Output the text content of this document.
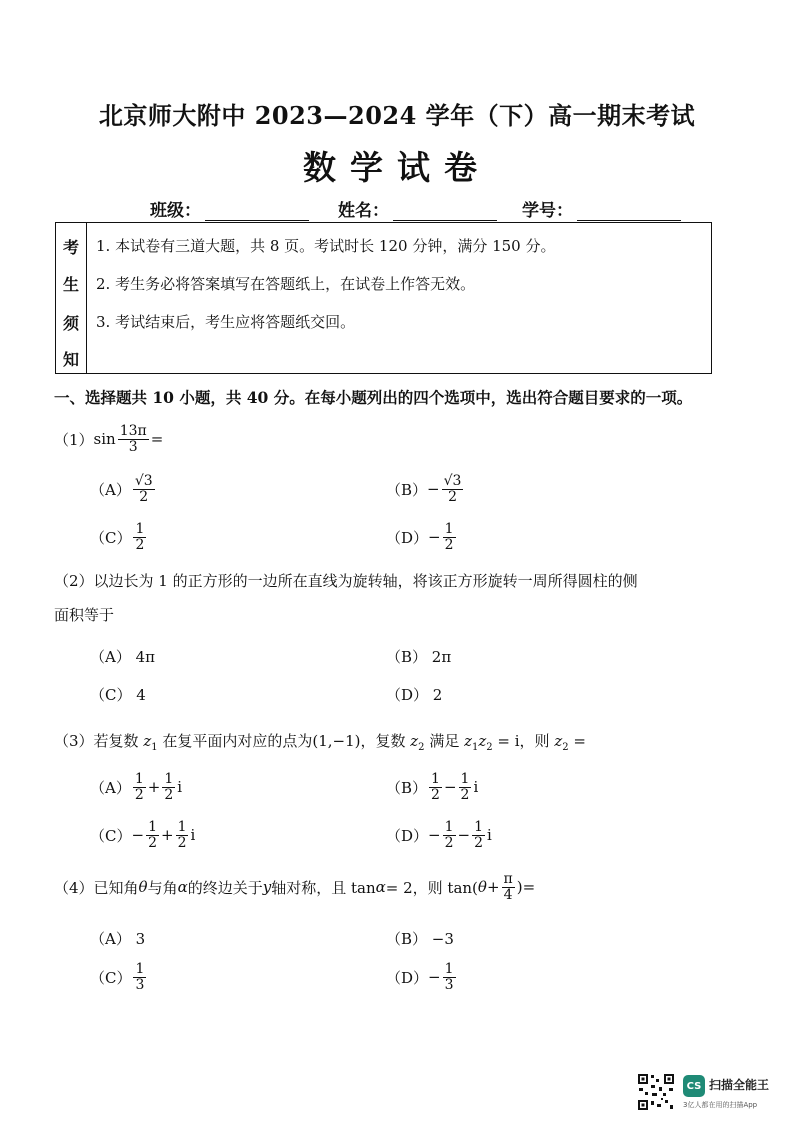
北京师大附中 2023—2024 学年（下）高一期末考试
数学试卷
班级：	姓名：	学号：
考
生
须
知
1. 本试卷有三道大题，共 8 页。考试时长 120 分钟，满分 150 分。
2. 考生务必将答案填写在答题纸上，在试卷上作答无效。
3. 考试结束后，考生应将答题纸交回。
一、选择题共 10 小题，共 40 分。在每小题列出的四个选项中，选出符合题目要求的一项。
（1） $\sin \frac{13\pi}{3}$ =
$(A) \frac{√3}{2}$	$(B) - \frac{√3}{2}$
$(C) \frac{1}{2}$	$(D) - \frac{1}{2}$
（2）以边长为 1 的正方形的一边所在直线为旋转轴，将该正方形旋转一周所得圆柱的侧
面积等于
（A） 4π	（B） 2π
（C） 4	（D） 2
（3）若复数 $z_1$ 在复平面内对应的点为(1,−1)，复数 $z_2$ 满足 $z_1z_2 = i$，则 $z_2$ =
$(A) \frac{1}{2} + \frac{1}{2}$ i	$(B) \frac{1}{2} - \frac{1}{2}$ i
$(C) - \frac{1}{2} + \frac{1}{2}$ i	$(D) - \frac{1}{2} - \frac{1}{2}$ i
（4）已知角 θ 与角 α 的终边关于 y 轴对称，且 tan α = 2，则 tan( $\theta + \frac{\pi}{4}$ )=
（A） 3	（B） −3
$(C) \frac{1}{3}$	$(D) - \frac{1}{3}$
CS 扫描全能王
3亿人都在用的扫描App
